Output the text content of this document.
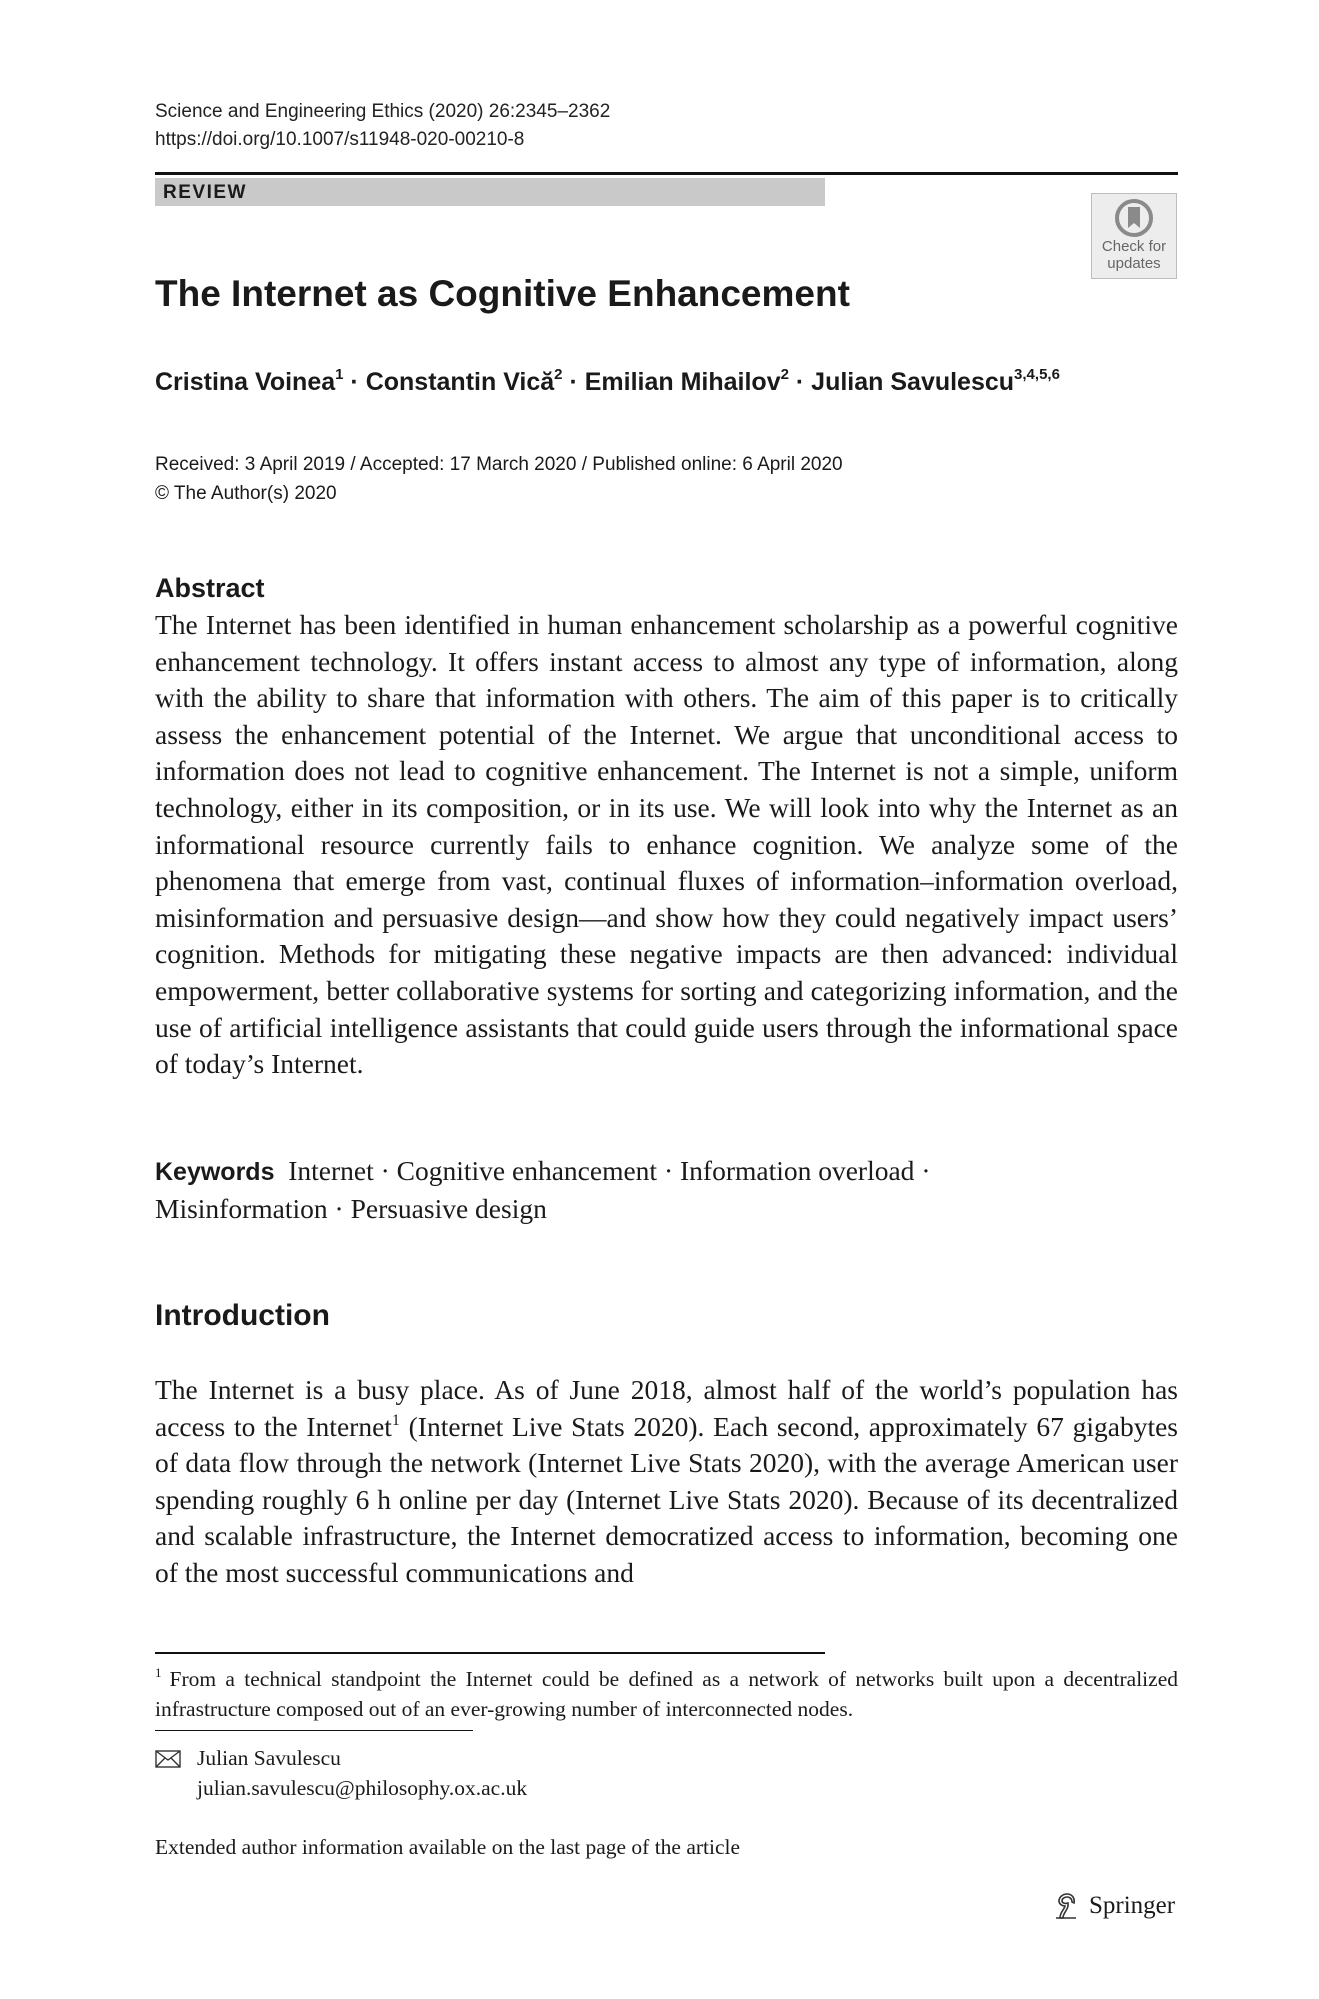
Science and Engineering Ethics (2020) 26:2345–2362
https://doi.org/10.1007/s11948-020-00210-8
REVIEW
Check for
updates
The Internet as Cognitive Enhancement
Cristina Voinea$^1$ · Constantin Vică$^2$ · Emilian Mihailov$^2$ · Julian Savulescu$^{3,4,5,6}$
Received: 3 April 2019 / Accepted: 17 March 2020 / Published online: 6 April 2020
© The Author(s) 2020
Abstract

The Internet has been identified in human enhancement scholarship as a powerful cognitive enhancement technology. It offers instant access to almost any type of information, along with the ability to share that information with others. The aim of this paper is to critically assess the enhancement potential of the Internet. We argue that unconditional access to information does not lead to cognitive enhancement. The Internet is not a simple, uniform technology, either in its composition, or in its use. We will look into why the Internet as an informational resource currently fails to enhance cognition. We analyze some of the phenomena that emerge from vast, continual fluxes of information–information overload, misinformation and persuasive design—and show how they could negatively impact users’ cognition. Methods for mitigating these negative impacts are then advanced: individual empowerment, better collaborative systems for sorting and categorizing information, and the use of artificial intelligence assistants that could guide users through the informational space of today’s Internet.

Keywords Internet · Cognitive enhancement · Information overload ·
Misinformation · Persuasive design
Introduction

The Internet is a busy place. As of June 2018, almost half of the world’s population has access to the Internet$^1$ (Internet Live Stats 2020). Each second, approximately 67 gigabytes of data flow through the network (Internet Live Stats 2020), with the average American user spending roughly 6 h online per day (Internet Live Stats 2020). Because of its decentralized and scalable infrastructure, the Internet democratized access to information, becoming one of the most successful communications and

$^1$ From a technical standpoint the Internet could be defined as a network of networks built upon a decentralized infrastructure composed out of an ever-growing number of interconnected nodes.

Julian Savulescu
julian.savulescu@philosophy.ox.ac.uk
Extended author information available on the last page of the article
Springer
